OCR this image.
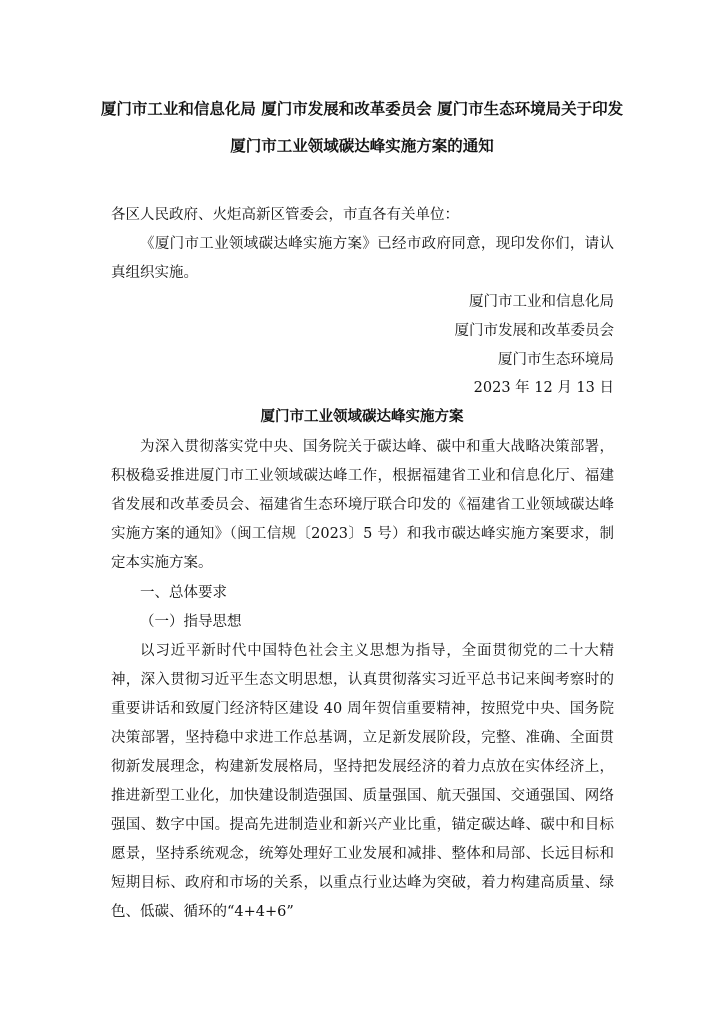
厦门市工业和信息化局 厦门市发展和改革委员会 厦门市生态环境局关于印发
厦门市工业领域碳达峰实施方案的通知
各区人民政府、火炬高新区管委会，市直各有关单位：
《厦门市工业领域碳达峰实施方案》已经市政府同意，现印发你们，请认真组织实施。
厦门市工业和信息化局
厦门市发展和改革委员会
厦门市生态环境局
2023 年 12 月 13 日
厦门市工业领域碳达峰实施方案
为深入贯彻落实党中央、国务院关于碳达峰、碳中和重大战略决策部署，积极稳妥推进厦门市工业领域碳达峰工作，根据福建省工业和信息化厅、福建省发展和改革委员会、福建省生态环境厅联合印发的《福建省工业领域碳达峰实施方案的通知》（闽工信规〔2023〕5 号）和我市碳达峰实施方案要求，制定本实施方案。
一、总体要求
（一）指导思想
以习近平新时代中国特色社会主义思想为指导，全面贯彻党的二十大精神，深入贯彻习近平生态文明思想，认真贯彻落实习近平总书记来闽考察时的重要讲话和致厦门经济特区建设 40 周年贺信重要精神，按照党中央、国务院决策部署，坚持稳中求进工作总基调，立足新发展阶段，完整、准确、全面贯彻新发展理念，构建新发展格局，坚持把发展经济的着力点放在实体经济上，推进新型工业化，加快建设制造强国、质量强国、航天强国、交通强国、网络强国、数字中国。提高先进制造业和新兴产业比重，锚定碳达峰、碳中和目标愿景，坚持系统观念，统筹处理好工业发展和减排、整体和局部、长远目标和短期目标、政府和市场的关系，以重点行业达峰为突破，着力构建高质量、绿色、低碳、循环的“4+4+6”
